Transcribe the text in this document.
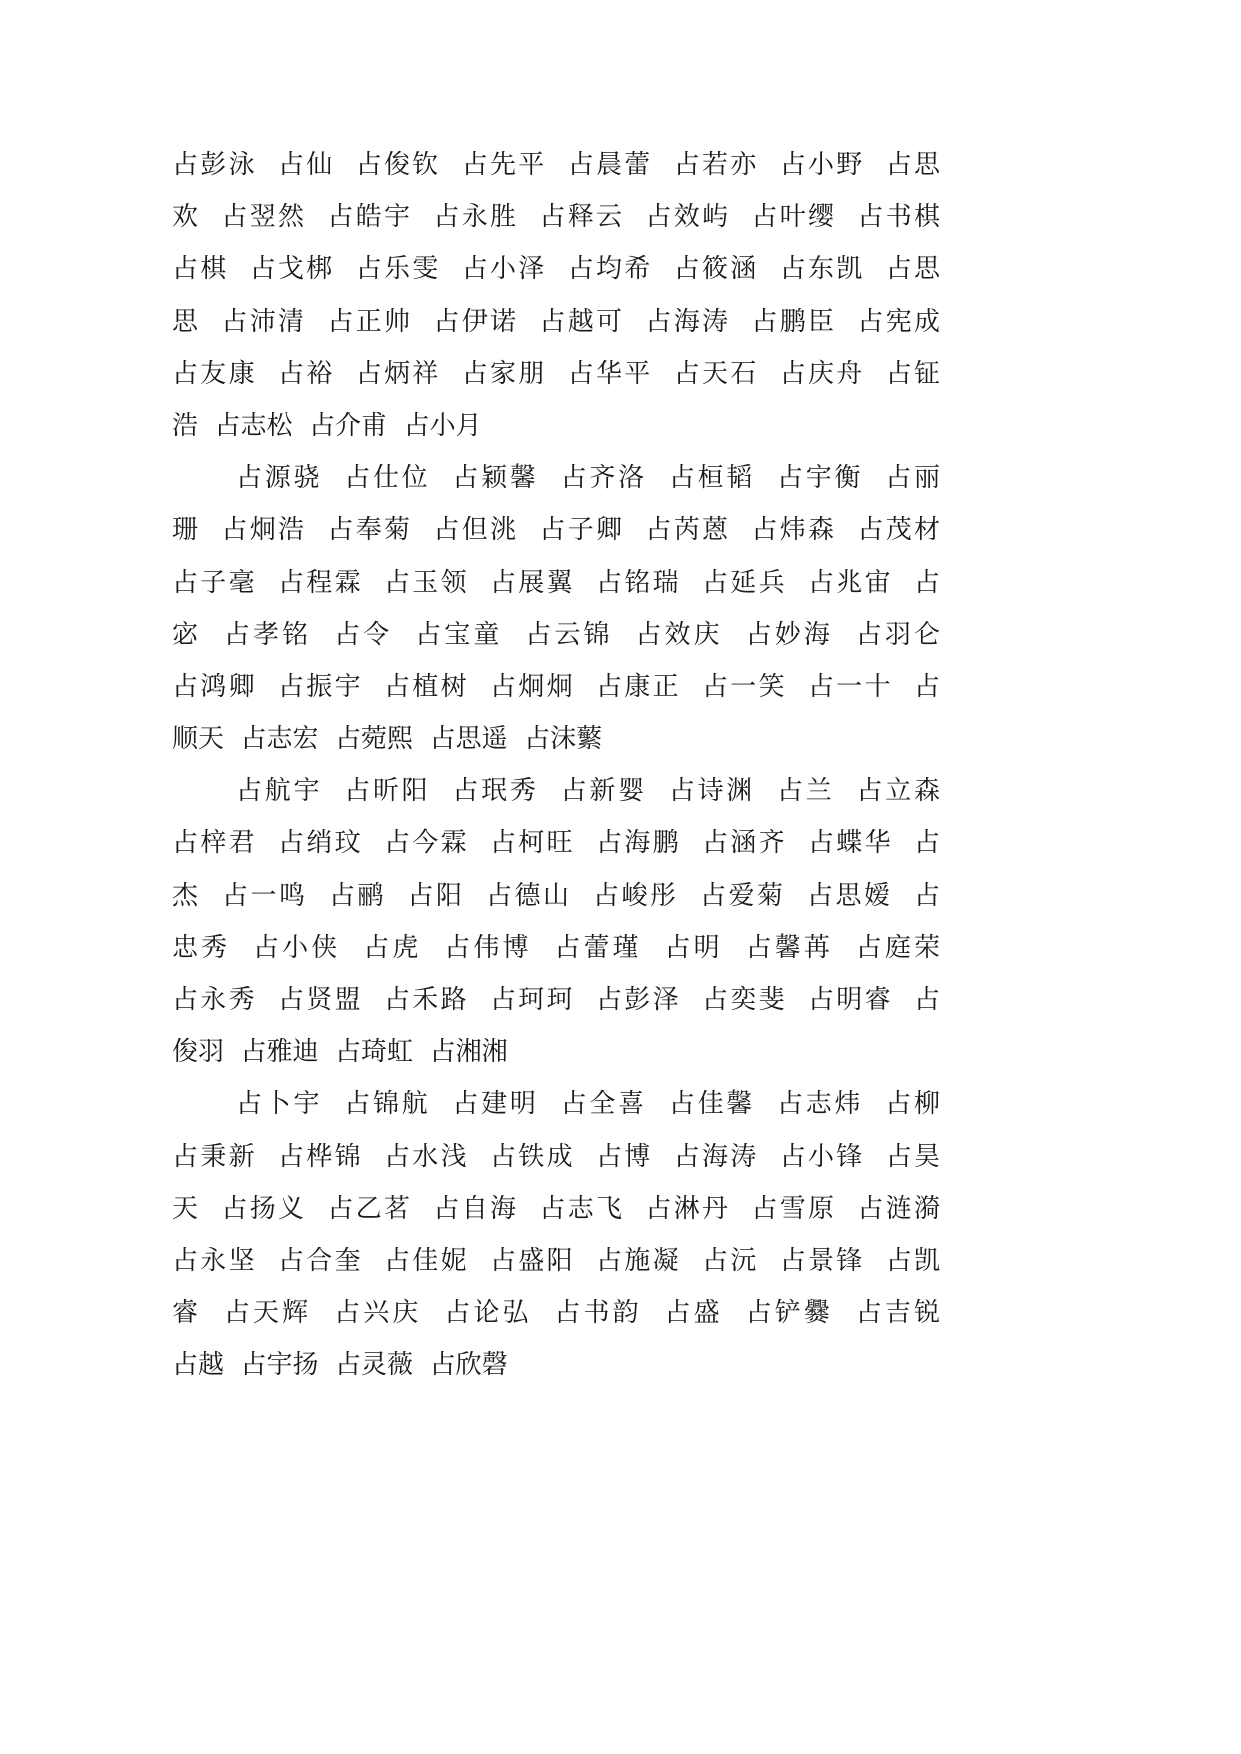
占彭泳  占仙  占俊钦  占先平  占晨蕾  占若亦  占小野  占思
欢  占翌然  占皓宇  占永胜  占释云  占效屿  占叶缨  占书棋
占棋  占戈梆  占乐雯  占小泽  占均希  占筱涵  占东凯  占思
思  占沛清  占正帅  占伊诺  占越可  占海涛  占鹏臣  占宪成
占友康  占裕  占炳祥  占家朋  占华平  占天石  占庆舟  占钲
浩  占志松  占介甫  占小月
占源骁  占仕位  占颖馨  占齐洛  占桓韬  占宇衡  占丽
珊  占炯浩  占奉菊  占但洮  占子卿  占芮蒽  占炜森  占茂材
占子毫  占程霖  占玉领  占展翼  占铭瑞  占延兵  占兆宙  占
宓  占孝铭  占令  占宝童  占云锦  占效庆  占妙海  占羽仑
占鸿卿  占振宇  占植树  占炯炯  占康正  占一笑  占一十  占
顺天  占志宏  占菀熙  占思遥  占沫蘩
占航宇  占昕阳  占珉秀  占新婴  占诗渊  占兰  占立森
占梓君  占绡玟  占今霖  占柯旺  占海鹏  占涵齐  占蝶华  占
杰  占一鸣  占鹂  占阳  占德山  占峻彤  占爱菊  占思嫒  占
忠秀  占小侠  占虎  占伟博  占蕾瑾  占明  占馨苒  占庭荣
占永秀  占贤盟  占禾路  占珂珂  占彭泽  占奕斐  占明睿  占
俊羽  占雅迪  占琦虹  占湘湘
占卜宇  占锦航  占建明  占全喜  占佳馨  占志炜  占柳
占秉新  占桦锦  占水浅  占铁成  占博  占海涛  占小锋  占昊
天  占扬义  占乙茗  占自海  占志飞  占淋丹  占雪原  占涟漪
占永坚  占合奎  占佳妮  占盛阳  占施凝  占沅  占景锋  占凯
睿  占天辉  占兴庆  占论弘  占书韵  占盛  占铲爨  占吉锐
占越  占宇扬  占灵薇  占欣磬
